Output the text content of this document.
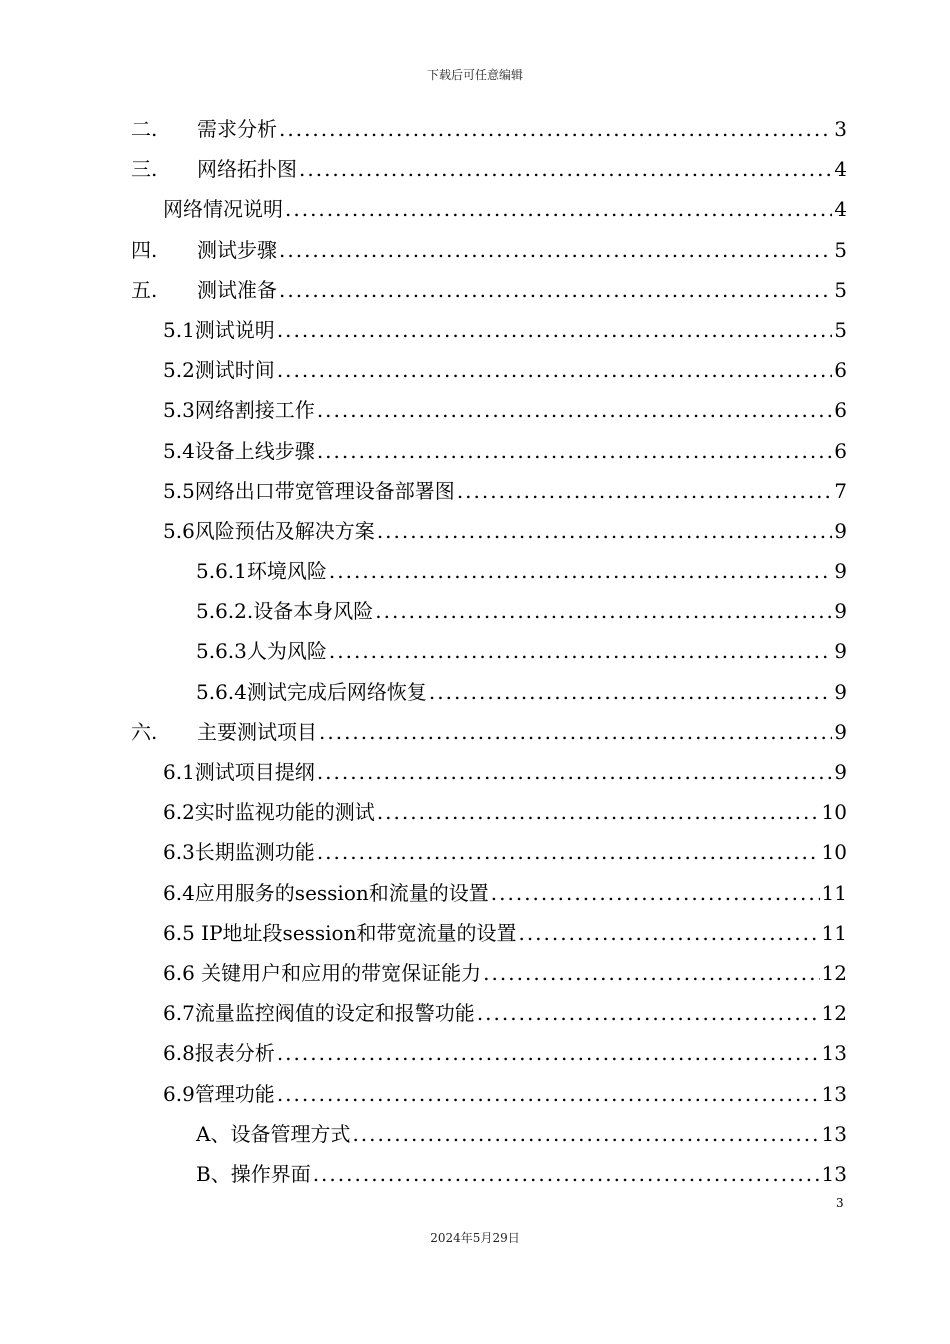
下载后可任意编辑
二.	需求分析 .....	3
三.	网络拓扑图 .....	4
网络情况说明 .....	4
四.	测试步骤 .....	5
五.	测试准备 .....	5
5.1测试说明 .....	5
5.2测试时间 .....	6
5.3网络割接工作 .....	6
5.4设备上线步骤 .....	6
5.5网络出口带宽管理设备部署图 .....	7
5.6风险预估及解决方案 .....	9
5.6.1环境风险 .....	9
5.6.2.设备本身风险 .....	9
5.6.3人为风险 .....	9
5.6.4测试完成后网络恢复 .....	9
六.	主要测试项目 .....	9
6.1测试项目提纲 .....	9
6.2实时监视功能的测试 .....	10
6.3长期监测功能 .....	10
6.4应用服务的session和流量的设置 .....	11
6.5 IP地址段session和带宽流量的设置 .....	11
6.6 关键用户和应用的带宽保证能力 .....	12
6.7流量监控阀值的设定和报警功能 .....	12
6.8报表分析 .....	13
6.9管理功能 .....	13
A、设备管理方式 .....	13
B、操作界面 .....	13
3
2024年5月29日
